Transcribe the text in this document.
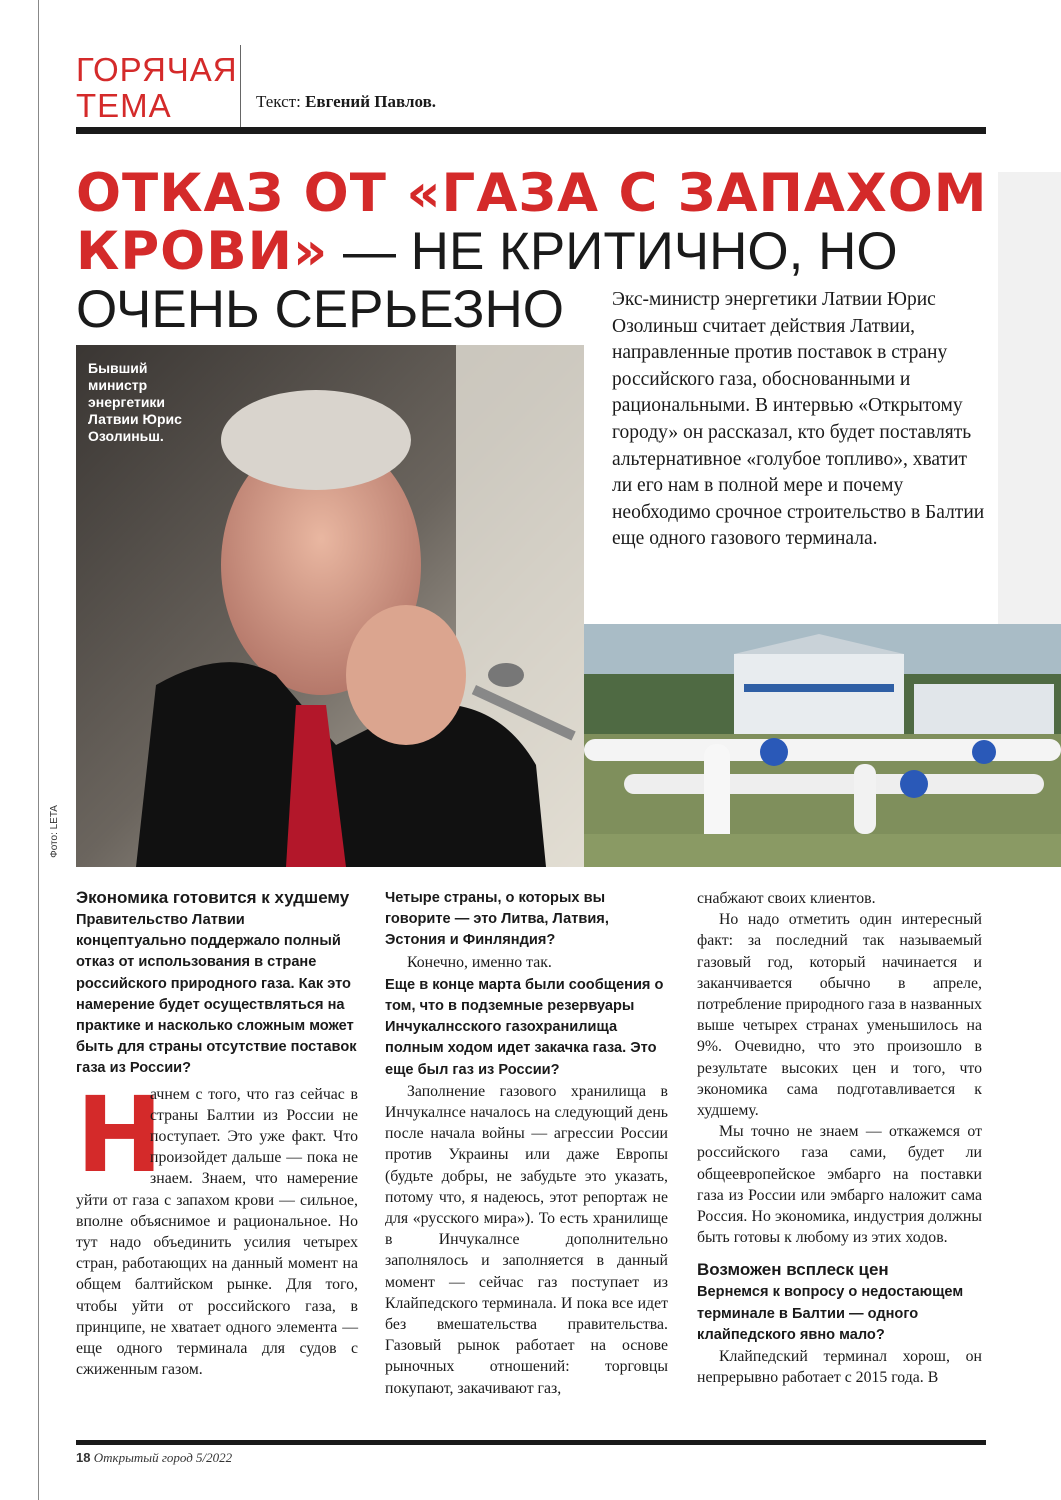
ГОРЯЧАЯ
ТЕМА	Текст: Евгений Павлов.
ОТКАЗ ОТ «ГАЗА С ЗАПАХОМ КРОВИ» — НЕ КРИТИЧНО, НО ОЧЕНЬ СЕРЬЕЗНО	Экс-министр энергетики Латвии Юрис Озолиньш считает действия Латвии, направленные против поставок в страну российского газа, обоснованными и рациональными. В интервью «Открытому городу» он рассказал, кто будет поставлять альтернативное «голубое топливо», хватит ли его нам в полной мере и почему необходимо срочное строительство в Балтии еще одного газового терминала.
Бывший министр энергетики Латвии Юрис Озолиньш.
Фото: LETA
Экономика готовится к худшему
Правительство Латвии концептуально поддержало полный отказ от использования в стране российского природного газа. Как это намерение будет осуществляться на практике и насколько сложным может быть для страны отсутствие поставок газа из России?

Н
ачнем с того, что газ сейчас в страны Балтии из России не поступает. Это уже факт. Что произойдет дальше — пока не знаем. Знаем, что намерение уйти от газа с запахом крови — сильное, вполне объяснимое и рациональное. Но тут надо объединить усилия четырех стран, работающих на данный момент на общем балтийском рынке. Для того, чтобы уйти от российского газа, в принципе, не хватает одного элемента — еще одного терминала для судов с сжиженным газом.

Четыре страны, о которых вы говорите — это Литва, Латвия, Эстония и Финляндия?

Конечно, именно так.

Еще в конце марта были сообщения о том, что в подземные резервуары Инчукалнсского газохранилища полным ходом идет закачка газа. Это еще был газ из России?

Заполнение газового хранилища в Инчукалнсе началось на следующий день после начала войны — агрессии России против Украины или даже Европы (будьте добры, не забудьте это указать, потому что, я надеюсь, этот репортаж не для «русского мира»). То есть хранилище в Инчукалнсе дополнительно заполнялось и заполняется в данный момент — сейчас газ поступает из Клайпедского терминала. И пока все идет без вмешательства правительства. Газовый рынок работает на основе рыночных отношений: торговцы покупают, закачивают газ,

снабжают своих клиентов.

Но надо отметить один интересный факт: за последний так называемый газовый год, который начинается и заканчивается обычно в апреле, потребление природного газа в названных выше четырех странах уменьшилось на 9%. Очевидно, что это произошло в результате высоких цен и того, что экономика сама подготавливается к худшему.

Мы точно не знаем — откажемся от российского газа сами, будет ли общеевропейское эмбарго на поставки газа из России или эмбарго наложит сама Россия. Но экономика, индустрия должны быть готовы к любому из этих ходов.

Возможен всплеск цен
Вернемся к вопросу о недостающем терминале в Балтии — одного клайпедского явно мало?

Клайпедский терминал хорош, он непрерывно работает с 2015 года. В

18 Открытый город 5/2022
